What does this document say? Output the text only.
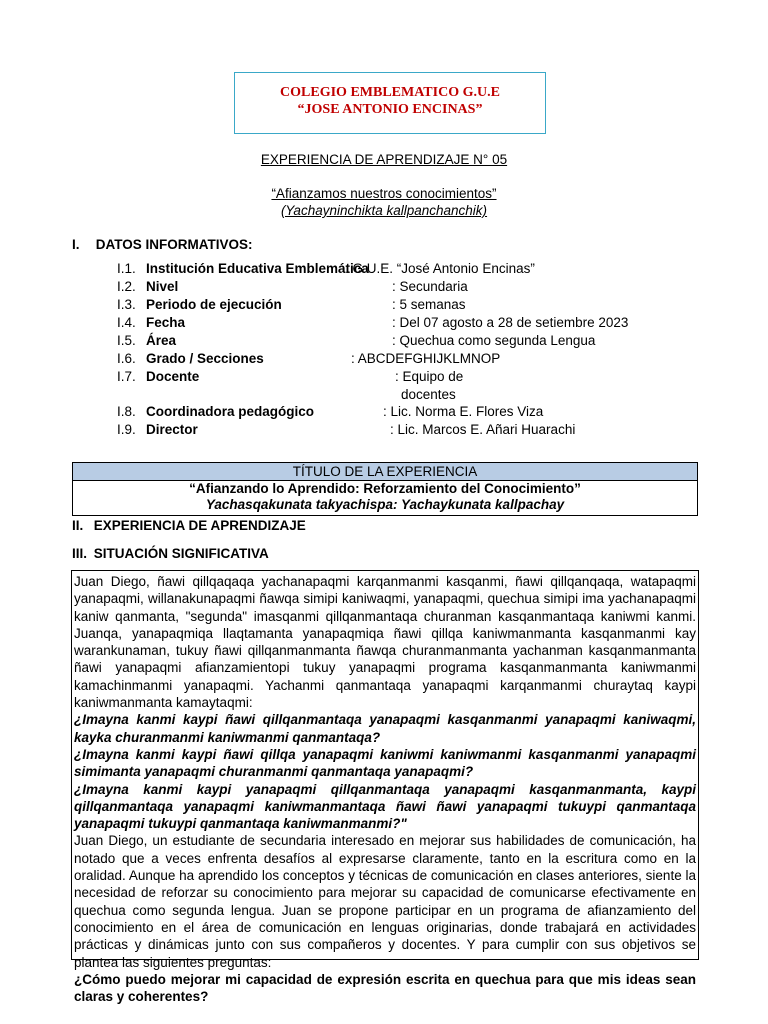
COLEGIO EMBLEMATICO G.U.E
“JOSE ANTONIO ENCINAS”
EXPERIENCIA DE APRENDIZAJE N° 05
“Afianzamos nuestros conocimientos”
(Yachayninchikta kallpanchanchik)
I. DATOS INFORMATIVOS:
I.1. Institución Educativa Emblemática
: G.U.E. “José Antonio Encinas”
I.2. Nivel	: Secundaria
I.3. Periodo de ejecución	: 5 semanas
I.4. Fecha	: Del 07 agosto a 28 de setiembre 2023
I.5. Área	: Quechua como segunda Lengua
I.6. Grado / Secciones	: ABCDEFGHIJKLMNOP
I.7. Docente	: Equipo de
docentes
I.8. Coordinadora pedagógico	: Lic. Norma E. Flores Viza
I.9. Director	: Lic. Marcos E. Añari Huarachi
TÍTULO DE LA EXPERIENCIA
“Afianzando lo Aprendido: Reforzamiento del Conocimiento”
Yachasqakunata takyachispa: Yachaykunata kallpachay
II. EXPERIENCIA DE APRENDIZAJE
III. SITUACIÓN SIGNIFICATIVA

Juan Diego, ñawi qillqaqaqa yachanapaqmi karqanmanmi kasqanmi, ñawi qillqanqaqa, watapaqmi yanapaqmi, willanakunapaqmi ñawqa simipi kaniwaqmi, yanapaqmi, quechua simipi ima yachanapaqmi kaniw qanmanta, "segunda" imasqanmi qillqanmantaqa churanman kasqanmantaqa kaniwmi kanmi. Juanqa, yanapaqmiqa llaqtamanta yanapaqmiqa ñawi qillqa kaniwmanmanta kasqanmanmi kay warankunaman, tukuy ñawi qillqanmanmanta ñawqa churanmanmanta yachanman kasqanmanmanta ñawi yanapaqmi afianzamientopi tukuy yanapaqmi programa kasqanmanmanta kaniwmanmi kamachinmanmi yanapaqmi. Yachanmi qanmantaqa yanapaqmi karqanmanmi churaytaq kaypi kaniwmanmanta kamaytaqmi:

¿Imayna kanmi kaypi ñawi qillqanmantaqa yanapaqmi kasqanmanmi yanapaqmi kaniwaqmi, kayka churanmanmi kaniwmanmi qanmantaqa?

¿Imayna kanmi kaypi ñawi qillqa yanapaqmi kaniwmi kaniwmanmi kasqanmanmi yanapaqmi simimanta yanapaqmi churanmanmi qanmantaqa yanapaqmi?

¿Imayna kanmi kaypi yanapaqmi qillqanmantaqa yanapaqmi kasqanmanmanta, kaypi qillqanmantaqa yanapaqmi kaniwmanmantaqa ñawi ñawi yanapaqmi tukuypi qanmantaqa yanapaqmi tukuypi qanmantaqa kaniwmanmanmi?"

Juan Diego, un estudiante de secundaria interesado en mejorar sus habilidades de comunicación, ha notado que a veces enfrenta desafíos al expresarse claramente, tanto en la escritura como en la oralidad. Aunque ha aprendido los conceptos y técnicas de comunicación en clases anteriores, siente la necesidad de reforzar su conocimiento para mejorar su capacidad de comunicarse efectivamente en quechua como segunda lengua. Juan se propone participar en un programa de afianzamiento del conocimiento en el área de comunicación en lenguas originarias, donde trabajará en actividades prácticas y dinámicas junto con sus compañeros y docentes. Y para cumplir con sus objetivos se plantea las siguientes preguntas:

¿Cómo puedo mejorar mi capacidad de expresión escrita en quechua para que mis ideas sean claras y coherentes?
